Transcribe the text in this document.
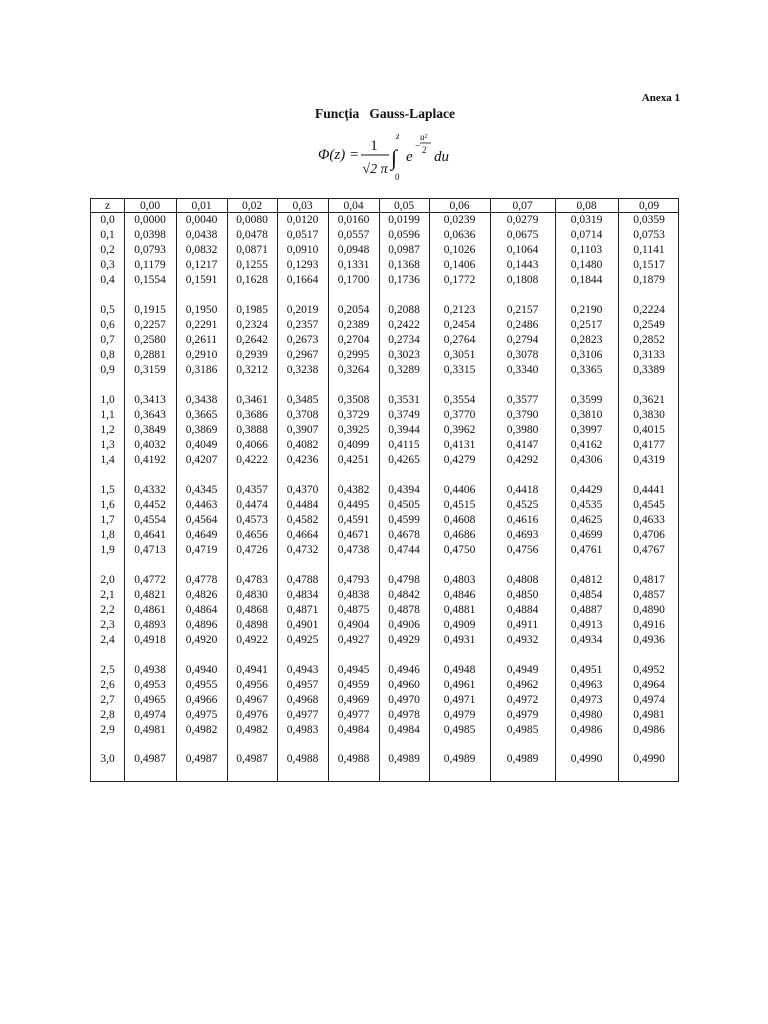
Anexa 1
Funcția   Gauss-Laplace
Φ(z) =
1
√2 π ∫
z
0
e
−
u²
2 du
z	0,00	0,01	0,02	0,03	0,04	0,05	0,06	0,07	0,08	0,09
0,0	0,0000	0,0040	0,0080	0,0120	0,0160	0,0199	0,0239	0,0279	0,0319	0,0359
0,1	0,0398	0,0438	0,0478	0,0517	0,0557	0,0596	0,0636	0,0675	0,0714	0,0753
0,2	0,0793	0,0832	0,0871	0,0910	0,0948	0,0987	0,1026	0,1064	0,1103	0,1141
0,3	0,1179	0,1217	0,1255	0,1293	0,1331	0,1368	0,1406	0,1443	0,1480	0,1517
0,4	0,1554	0,1591	0,1628	0,1664	0,1700	0,1736	0,1772	0,1808	0,1844	0,1879
0,5	0,1915	0,1950	0,1985	0,2019	0,2054	0,2088	0,2123	0,2157	0,2190	0,2224
0,6	0,2257	0,2291	0,2324	0,2357	0,2389	0,2422	0,2454	0,2486	0,2517	0,2549
0,7	0,2580	0,2611	0,2642	0,2673	0,2704	0,2734	0,2764	0,2794	0,2823	0,2852
0,8	0,2881	0,2910	0,2939	0,2967	0,2995	0,3023	0,3051	0,3078	0,3106	0,3133
0,9	0,3159	0,3186	0,3212	0,3238	0,3264	0,3289	0,3315	0,3340	0,3365	0,3389
1,0	0,3413	0,3438	0,3461	0,3485	0,3508	0,3531	0,3554	0,3577	0,3599	0,3621
1,1	0,3643	0,3665	0,3686	0,3708	0,3729	0,3749	0,3770	0,3790	0,3810	0,3830
1,2	0,3849	0,3869	0,3888	0,3907	0,3925	0,3944	0,3962	0,3980	0,3997	0,4015
1,3	0,4032	0,4049	0,4066	0,4082	0,4099	0,4115	0,4131	0,4147	0,4162	0,4177
1,4	0,4192	0,4207	0,4222	0,4236	0,4251	0,4265	0,4279	0,4292	0,4306	0,4319
1,5	0,4332	0,4345	0,4357	0,4370	0,4382	0,4394	0,4406	0,4418	0,4429	0,4441
1,6	0,4452	0,4463	0,4474	0,4484	0,4495	0,4505	0,4515	0,4525	0,4535	0,4545
1,7	0,4554	0,4564	0,4573	0,4582	0,4591	0,4599	0,4608	0,4616	0,4625	0,4633
1,8	0,4641	0,4649	0,4656	0,4664	0,4671	0,4678	0,4686	0,4693	0,4699	0,4706
1,9	0,4713	0,4719	0,4726	0,4732	0,4738	0,4744	0,4750	0,4756	0,4761	0,4767
2,0	0,4772	0,4778	0,4783	0,4788	0,4793	0,4798	0,4803	0,4808	0,4812	0,4817
2,1	0,4821	0,4826	0,4830	0,4834	0,4838	0,4842	0,4846	0,4850	0,4854	0,4857
2,2	0,4861	0,4864	0,4868	0,4871	0,4875	0,4878	0,4881	0,4884	0,4887	0,4890
2,3	0,4893	0,4896	0,4898	0,4901	0,4904	0,4906	0,4909	0,4911	0,4913	0,4916
2,4	0,4918	0,4920	0,4922	0,4925	0,4927	0,4929	0,4931	0,4932	0,4934	0,4936
2,5	0,4938	0,4940	0,4941	0,4943	0,4945	0,4946	0,4948	0,4949	0,4951	0,4952
2,6	0,4953	0,4955	0,4956	0,4957	0,4959	0,4960	0,4961	0,4962	0,4963	0,4964
2,7	0,4965	0,4966	0,4967	0,4968	0,4969	0,4970	0,4971	0,4972	0,4973	0,4974
2,8	0,4974	0,4975	0,4976	0,4977	0,4977	0,4978	0,4979	0,4979	0,4980	0,4981
2,9	0,4981	0,4982	0,4982	0,4983	0,4984	0,4984	0,4985	0,4985	0,4986	0,4986
3,0	0,4987	0,4987	0,4987	0,4988	0,4988	0,4989	0,4989	0,4989	0,4990	0,4990
